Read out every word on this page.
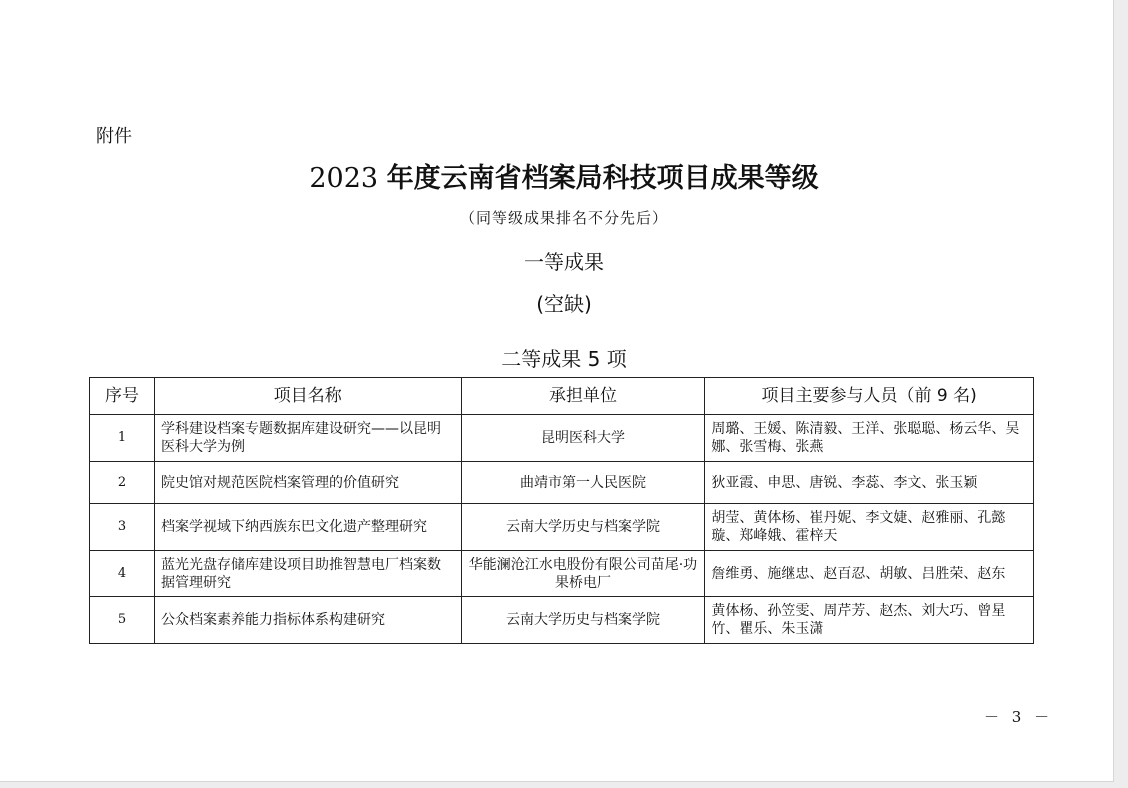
附件
2023 年度云南省档案局科技项目成果等级
（同等级成果排名不分先后）
一等成果
(空缺)
二等成果 5 项
序号	项目名称	承担单位	项目主要参与人员（前 9 名)
1	学科建设档案专题数据库建设研究——以昆明医科大学为例	昆明医科大学	周璐、王媛、陈清毅、王洋、张聪聪、杨云华、吴娜、张雪梅、张燕
2	院史馆对规范医院档案管理的价值研究	曲靖市第一人民医院	狄亚霞、申思、唐锐、李蕊、李文、张玉颖
3	档案学视域下纳西族东巴文化遗产整理研究	云南大学历史与档案学院	胡莹、黄体杨、崔丹妮、李文婕、赵雅丽、孔懿璇、郑峰娥、霍梓天
4	蓝光光盘存储库建设项目助推智慧电厂档案数据管理研究	华能澜沧江水电股份有限公司苗尾·功果桥电厂	詹维勇、施继忠、赵百忍、胡敏、吕胜荣、赵东
5	公众档案素养能力指标体系构建研究	云南大学历史与档案学院	黄体杨、孙笠雯、周芹芳、赵杰、刘大巧、曾星竹、瞿乐、朱玉潇
－ 3 －
